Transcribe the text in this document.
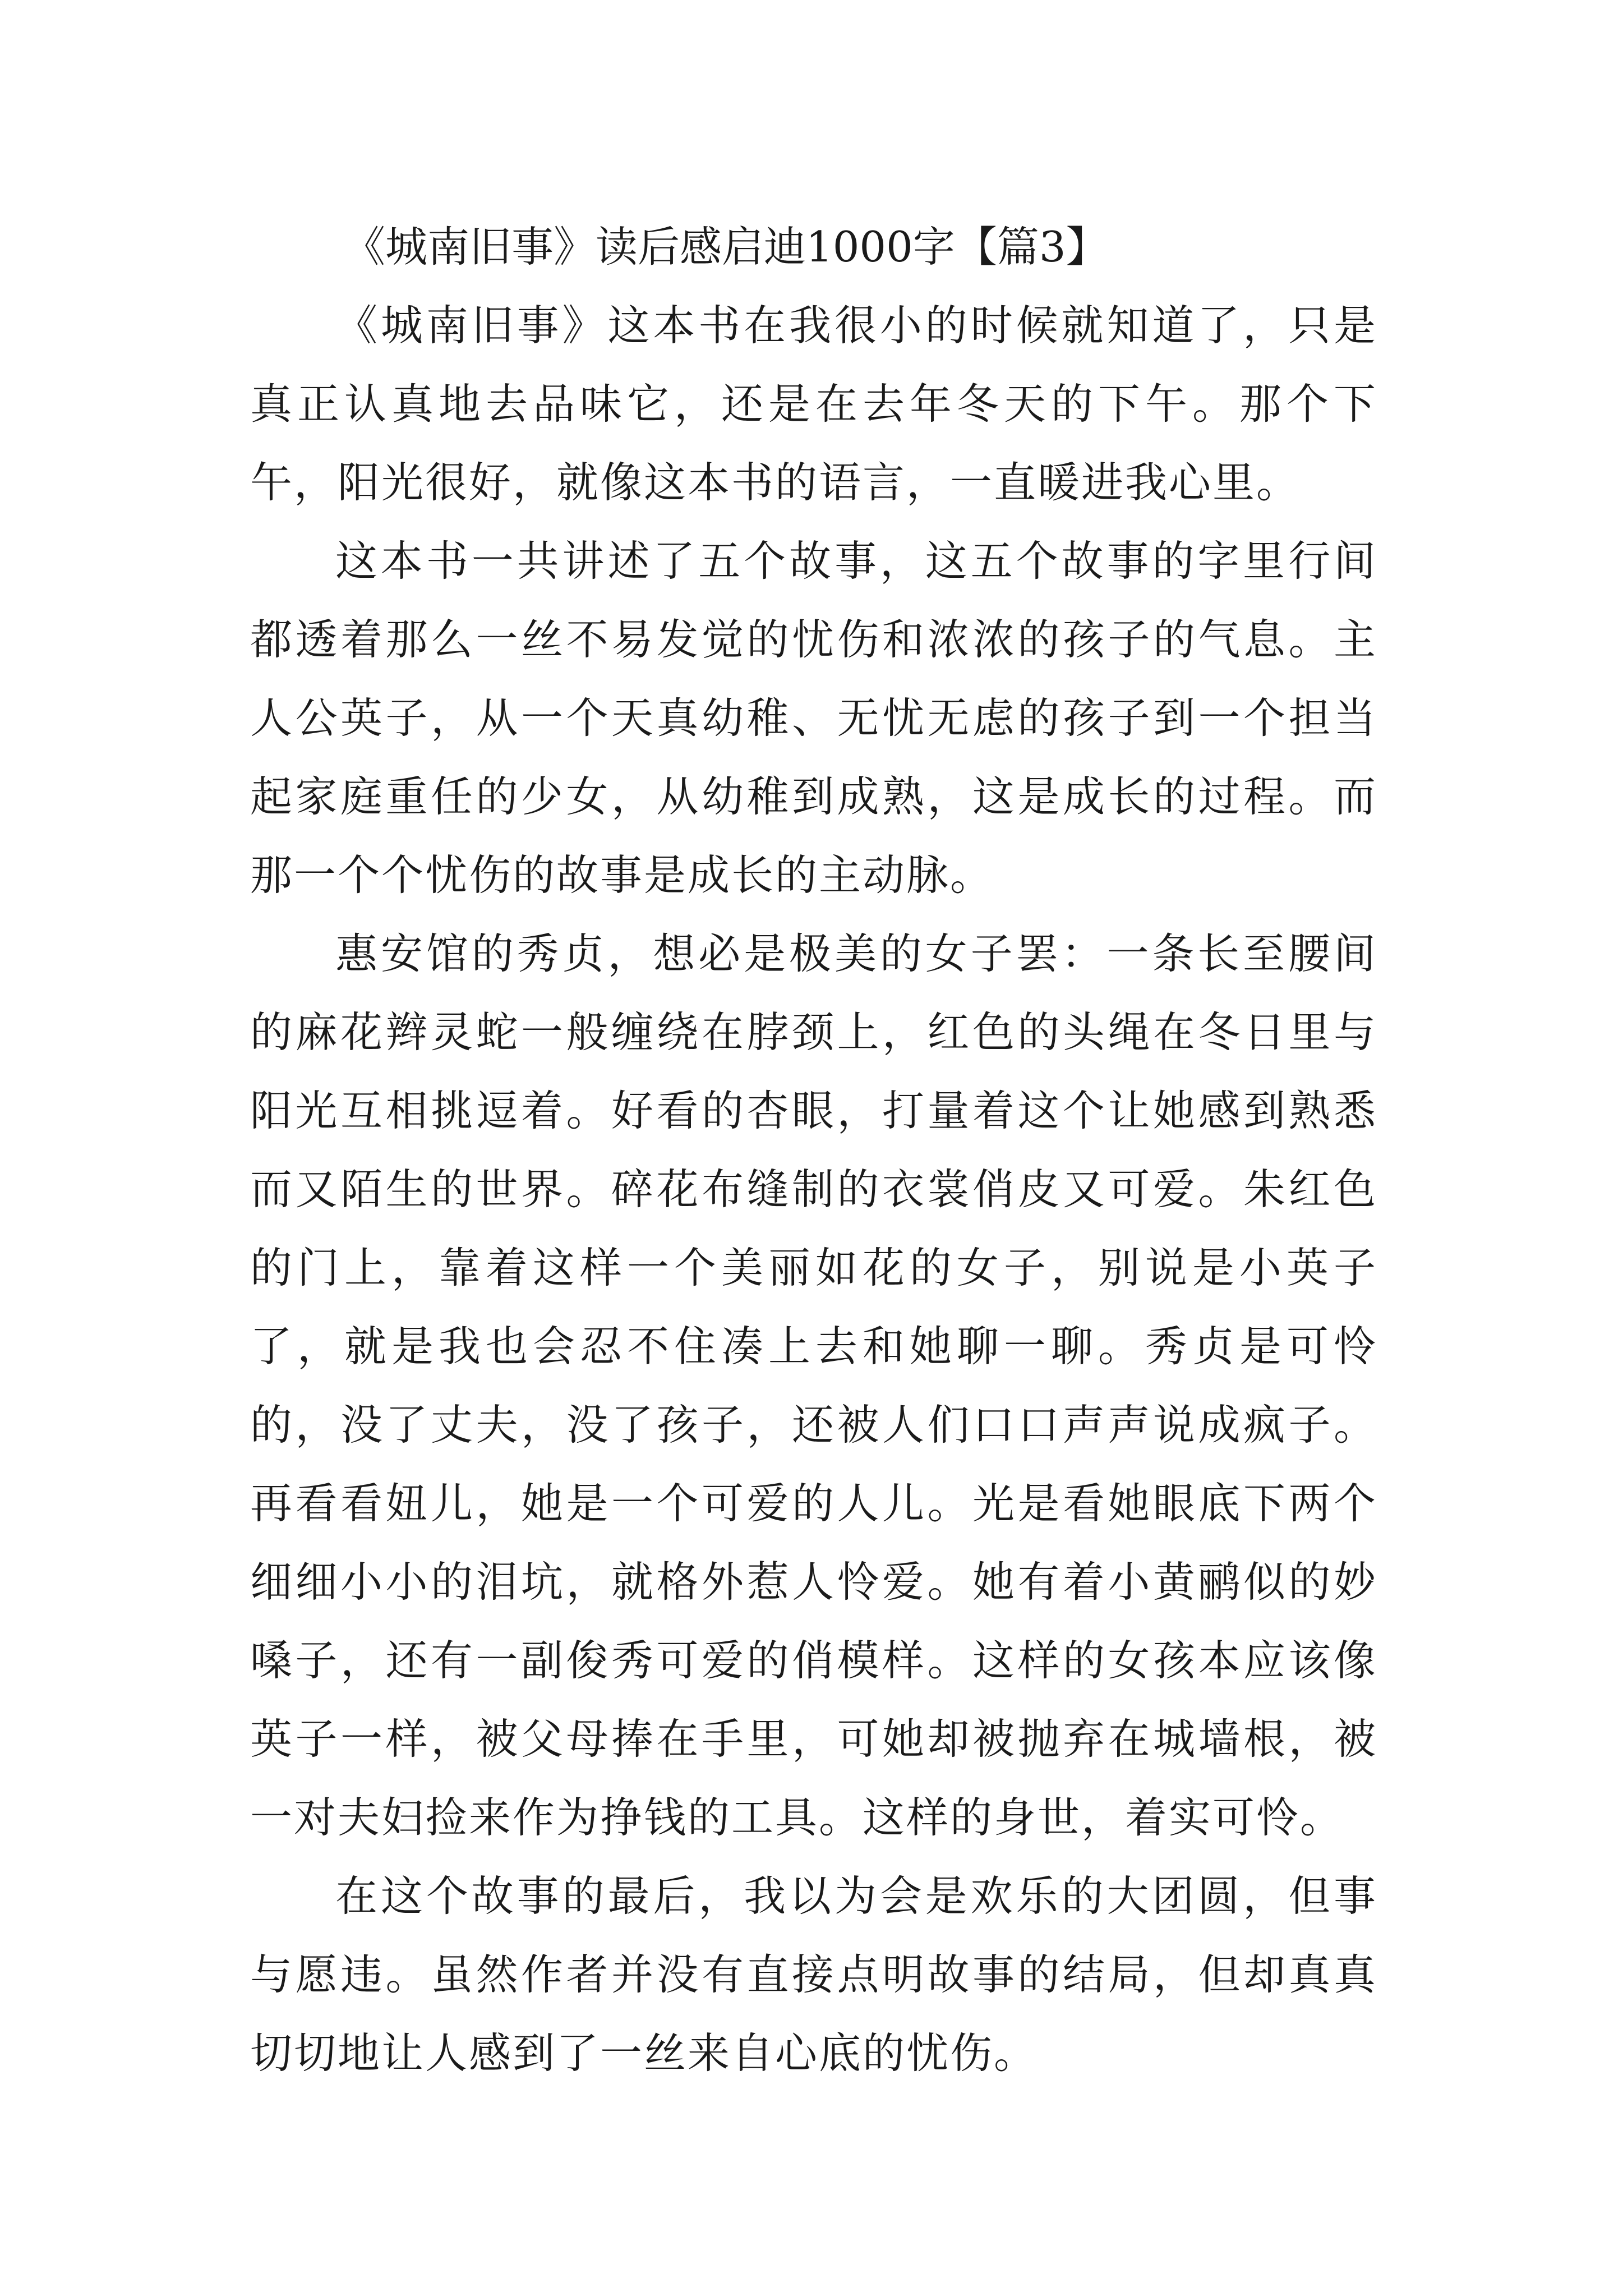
《城南旧事》读后感启迪1000字【篇3】

《城南旧事》这本书在我很小的时候就知道了，只是真正认真地去品味它，还是在去年冬天的下午。那个下午，阳光很好，就像这本书的语言，一直暖进我心里。

这本书一共讲述了五个故事，这五个故事的字里行间都透着那么一丝不易发觉的忧伤和浓浓的孩子的气息。主人公英子，从一个天真幼稚、无忧无虑的孩子到一个担当起家庭重任的少女，从幼稚到成熟，这是成长的过程。而那一个个忧伤的故事是成长的主动脉。

惠安馆的秀贞，想必是极美的女子罢：一条长至腰间的麻花辫灵蛇一般缠绕在脖颈上，红色的头绳在冬日里与阳光互相挑逗着。好看的杏眼，打量着这个让她感到熟悉而又陌生的世界。碎花布缝制的衣裳俏皮又可爱。朱红色的门上，靠着这样一个美丽如花的女子，别说是小英子了，就是我也会忍不住凑上去和她聊一聊。秀贞是可怜的，没了丈夫，没了孩子，还被人们口口声声说成疯子。再看看妞儿，她是一个可爱的人儿。光是看她眼底下两个细细小小的泪坑，就格外惹人怜爱。她有着小黄鹂似的妙嗓子，还有一副俊秀可爱的俏模样。这样的女孩本应该像英子一样，被父母捧在手里，可她却被抛弃在城墙根，被一对夫妇捡来作为挣钱的工具。这样的身世，着实可怜。

在这个故事的最后，我以为会是欢乐的大团圆，但事与愿违。虽然作者并没有直接点明故事的结局，但却真真切切地让人感到了一丝来自心底的忧伤。
